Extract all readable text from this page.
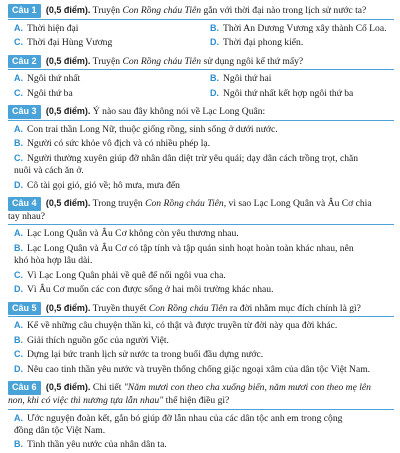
Câu 1 (0,5 điểm). Truyện Con Rồng cháu Tiên gắn với thời đại nào trong lịch sử nước ta?
A. Thời hiện đại	B. Thời An Dương Vương xây thành Cổ Loa.
C. Thời đại Hùng Vương	D. Thời đại phong kiến.
Câu 2 (0,5 điểm). Truyện Con Rồng cháu Tiên sử dụng ngôi kể thứ mấy?
A. Ngôi thứ nhất	B. Ngôi thứ hai
C. Ngôi thứ ba	D. Ngôi thứ nhất kết hợp ngôi thứ ba
Câu 3 (0,5 điểm). Ý nào sau đây không nói về Lạc Long Quân:
A. Con trai thần Long Nữ, thuộc giống rồng, sinh sống ở dưới nước.
B. Người có sức khỏe vô địch và có nhiều phép lạ.
C. Người thường xuyên giúp đỡ nhân dân diệt trừ yêu quái; dạy dân cách trồng trọt, chăn
nuôi và cách ăn ở.
D. Cô tài gọi gió, gió về; hô mưa, mưa đến
Câu 4 (0,5 điểm). Trong truyện Con Rồng cháu Tiên, vì sao Lạc Long Quân và Âu Cơ chia
tay nhau?
A. Lạc Long Quân và Âu Cơ không còn yêu thương nhau.
B. Lạc Long Quân và Âu Cơ có tập tính và tập quán sinh hoạt hoàn toàn khác nhau, nên
khó hòa hợp lâu dài.
C. Vì Lạc Long Quân phải về quê để nối ngôi vua cha.
D. Vì Âu Cơ muốn các con được sống ở hai môi trường khác nhau.
Câu 5 (0,5 điểm). Truyền thuyết Con Rồng cháu Tiên ra đời nhằm mục đích chính là gì?
A. Kể về những câu chuyện thần kì, có thật và được truyền từ đời này qua đời khác.
B. Giải thích nguồn gốc của người Việt.
C. Dựng lại bức tranh lịch sử nước ta trong buổi đầu dựng nước.
D. Nêu cao tinh thần yêu nước và truyền thống chống giặc ngoại xâm của dân tộc Việt Nam.
Câu 6 (0,5 điểm). Chi tiết "Năm mươi con theo cha xuống biển, năm mươi con theo mẹ lên
non, khi có việc thì nương tựa lẫn nhau" thể hiện điều gì?
A. Ước nguyện đoàn kết, gắn bó giúp đỡ lẫn nhau của các dân tộc anh em trong cộng
đồng dân tộc Việt Nam.
B. Tình thần yêu nước của nhân dân ta.
